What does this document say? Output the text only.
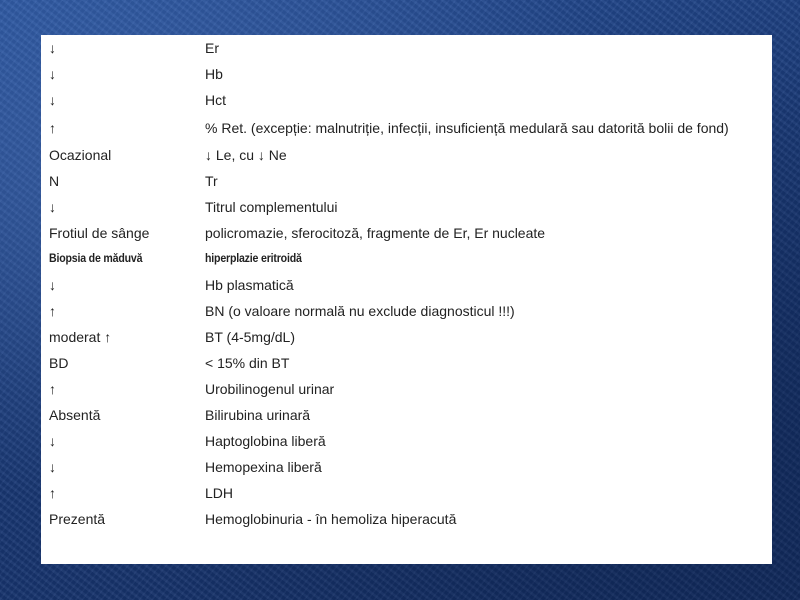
↓	Er
↓	Hb
↓	Hct
↑	% Ret. (excepție: malnutriție, infecții, insuficiență medulară sau datorită bolii de fond)
Ocazional	↓ Le, cu ↓ Ne
N	Tr
↓	Titrul complementului
Frotiul de sânge	policromazie, sferocitoză, fragmente de Er, Er nucleate
Biopsia de măduvă	hiperplazie eritroidă
↓	Hb plasmatică
↑	BN (o valoare normală nu exclude diagnosticul !!!)
moderat ↑	BT (4-5mg/dL)
BD	< 15% din BT
↑	Urobilinogenul urinar
Absentă	Bilirubina urinară
↓	Haptoglobina liberă
↓	Hemopexina liberă
↑	LDH
Prezentă	Hemoglobinuria - în hemoliza hiperacută
